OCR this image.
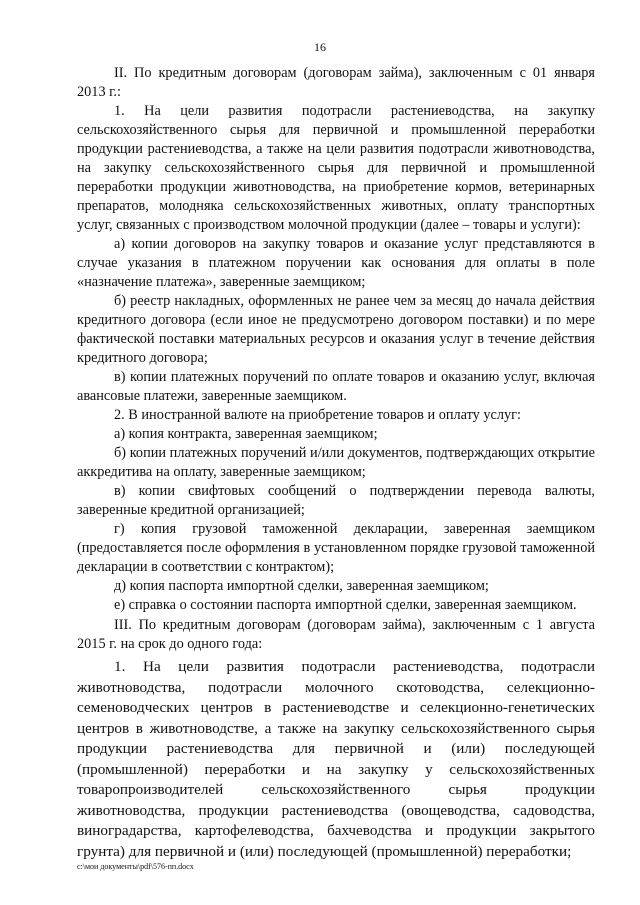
16

II. По кредитным договорам (договорам займа), заключенным с 01 января 2013 г.:

1. На цели развития подотрасли растениеводства, на закупку сельскохозяйственного сырья для первичной и промышленной переработки продукции растениеводства, а также на цели развития подотрасли животноводства, на закупку сельскохозяйственного сырья для первичной и промышленной переработки продукции животноводства, на приобретение кормов, ветеринарных препаратов, молодняка сельскохозяйственных животных, оплату транспортных услуг, связанных с производством молочной продукции (далее – товары и услуги):

а) копии договоров на закупку товаров и оказание услуг представляются в случае указания в платежном поручении как основания для оплаты в поле «назначение платежа», заверенные заемщиком;

б) реестр накладных, оформленных не ранее чем за месяц до начала действия кредитного договора (если иное не предусмотрено договором поставки) и по мере фактической поставки материальных ресурсов и оказания услуг в течение действия кредитного договора;

в) копии платежных поручений по оплате товаров и оказанию услуг, включая авансовые платежи, заверенные заемщиком.

2. В иностранной валюте на приобретение товаров и оплату услуг:

а) копия контракта, заверенная заемщиком;

б) копии платежных поручений и/или документов, подтверждающих открытие аккредитива на оплату, заверенные заемщиком;

в) копии свифтовых сообщений о подтверждении перевода валюты, заверенные кредитной организацией;

г) копия грузовой таможенной декларации, заверенная заемщиком (предоставляется после оформления в установленном порядке грузовой таможенной декларации в соответствии с контрактом);

д) копия паспорта импортной сделки, заверенная заемщиком;

е) справка о состоянии паспорта импортной сделки, заверенная заемщиком.

III. По кредитным договорам (договорам займа), заключенным с 1 августа 2015 г. на срок до одного года:

1. На цели развития подотрасли растениеводства, подотрасли животноводства, подотрасли молочного скотоводства, селекционно-семеноводческих центров в растениеводстве и селекционно-генетических центров в животноводстве, а также на закупку сельскохозяйственного сырья продукции растениеводства для первичной и (или) последующей (промышленной) переработки и на закупку у сельскохозяйственных товаропроизводителей сельскохозяйственного сырья продукции животноводства, продукции растениеводства (овощеводства, садоводства, виноградарства, картофелеводства, бахчеводства и продукции закрытого грунта) для первичной и (или) последующей (промышленной) переработки;

c:\мои документы\pdf\576-пп.docx
